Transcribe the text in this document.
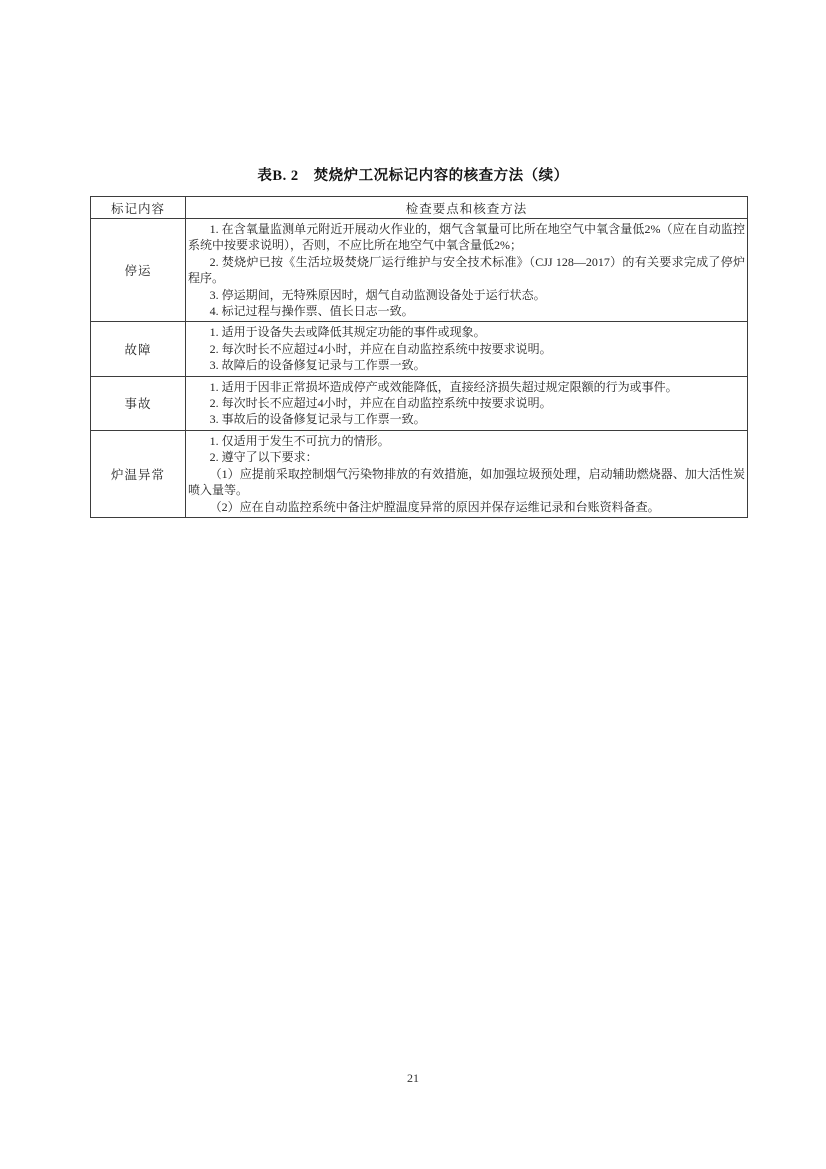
表B. 2　焚烧炉工况标记内容的核查方法（续）
标记内容	检查要点和核查方法
停运	1. 在含氧量监测单元附近开展动火作业的，烟气含氧量可比所在地空气中氧含量低2%（应在自动监控系统中按要求说明），否则，不应比所在地空气中氧含量低2%；

2. 焚烧炉已按《生活垃圾焚烧厂运行维护与安全技术标准》（CJJ 128—2017）的有关要求完成了停炉程序。

3. 停运期间，无特殊原因时，烟气自动监测设备处于运行状态。

4. 标记过程与操作票、值长日志一致。

故障	1. 适用于设备失去或降低其规定功能的事件或现象。

2. 每次时长不应超过4小时，并应在自动监控系统中按要求说明。

3. 故障后的设备修复记录与工作票一致。

事故	1. 适用于因非正常损坏造成停产或效能降低，直接经济损失超过规定限额的行为或事件。

2. 每次时长不应超过4小时，并应在自动监控系统中按要求说明。

3. 事故后的设备修复记录与工作票一致。

炉温异常	1. 仅适用于发生不可抗力的情形。

2. 遵守了以下要求：

（1）应提前采取控制烟气污染物排放的有效措施，如加强垃圾预处理，启动辅助燃烧器、加大活性炭喷入量等。

（2）应在自动监控系统中备注炉膛温度异常的原因并保存运维记录和台账资料备查。

21
